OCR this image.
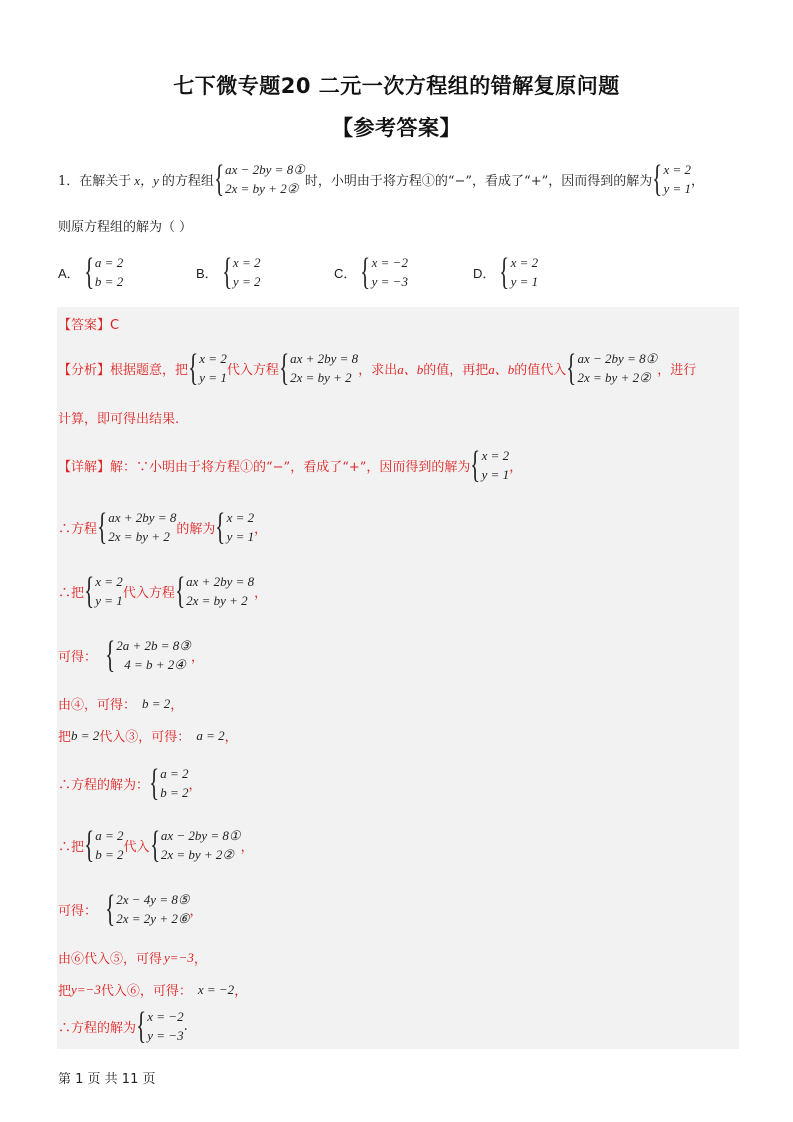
七下微专题20 二元一次方程组的错解复原问题
【参考答案】
1． 在解关于 x，y 的方程组 { ax − 2by = 8①
2x = by + 2② 时，小明由于将方程①的“−”，看成了“+”，因而得到的解为 { x = 2
y = 1 ，
则原方程组的解为（ ）
A． { a = 2
b = 2
B． { x = 2
y = 2
C． { x = −2
y = −3
D． { x = 2
y = 1
【答案】C
【分析】 根据题意，把 { x = 2
y = 1 代入方程 { ax + 2by = 8
2x = by + 2 ，求出 a、b 的值，再把 a、b 的值代入 { ax − 2by = 8①
2x = by + 2② ，进行
计算，即可得出结果.
【详解】 解：∵小明由于将方程①的“−”，看成了“+”，因而得到的解为 { x = 2
y = 1 ，
∴方程 { ax + 2by = 8
2x = by + 2 的解为 { x = 2
y = 1 ，
∴把 { x = 2
y = 1 代入方程 { ax + 2by = 8
2x = by + 2 ，
可得： { 2a + 2b = 8③
4 = b + 2④ ，
由④，可得： b = 2 ，
把 b = 2 代入③，可得： a = 2 ，
∴方程的解为： { a = 2
b = 2 ，
∴把 { a = 2
b = 2 代入 { ax − 2by = 8①
2x = by + 2② ，
可得： { 2x − 4y = 8⑤
2x = 2y + 2⑥ ，
由⑥代入⑤，可得 y=−3 ，
把 y=−3 代入⑥，可得： x = −2 ，
∴方程的解为 { x = −2
y = −3
.
第 1 页 共 11 页
